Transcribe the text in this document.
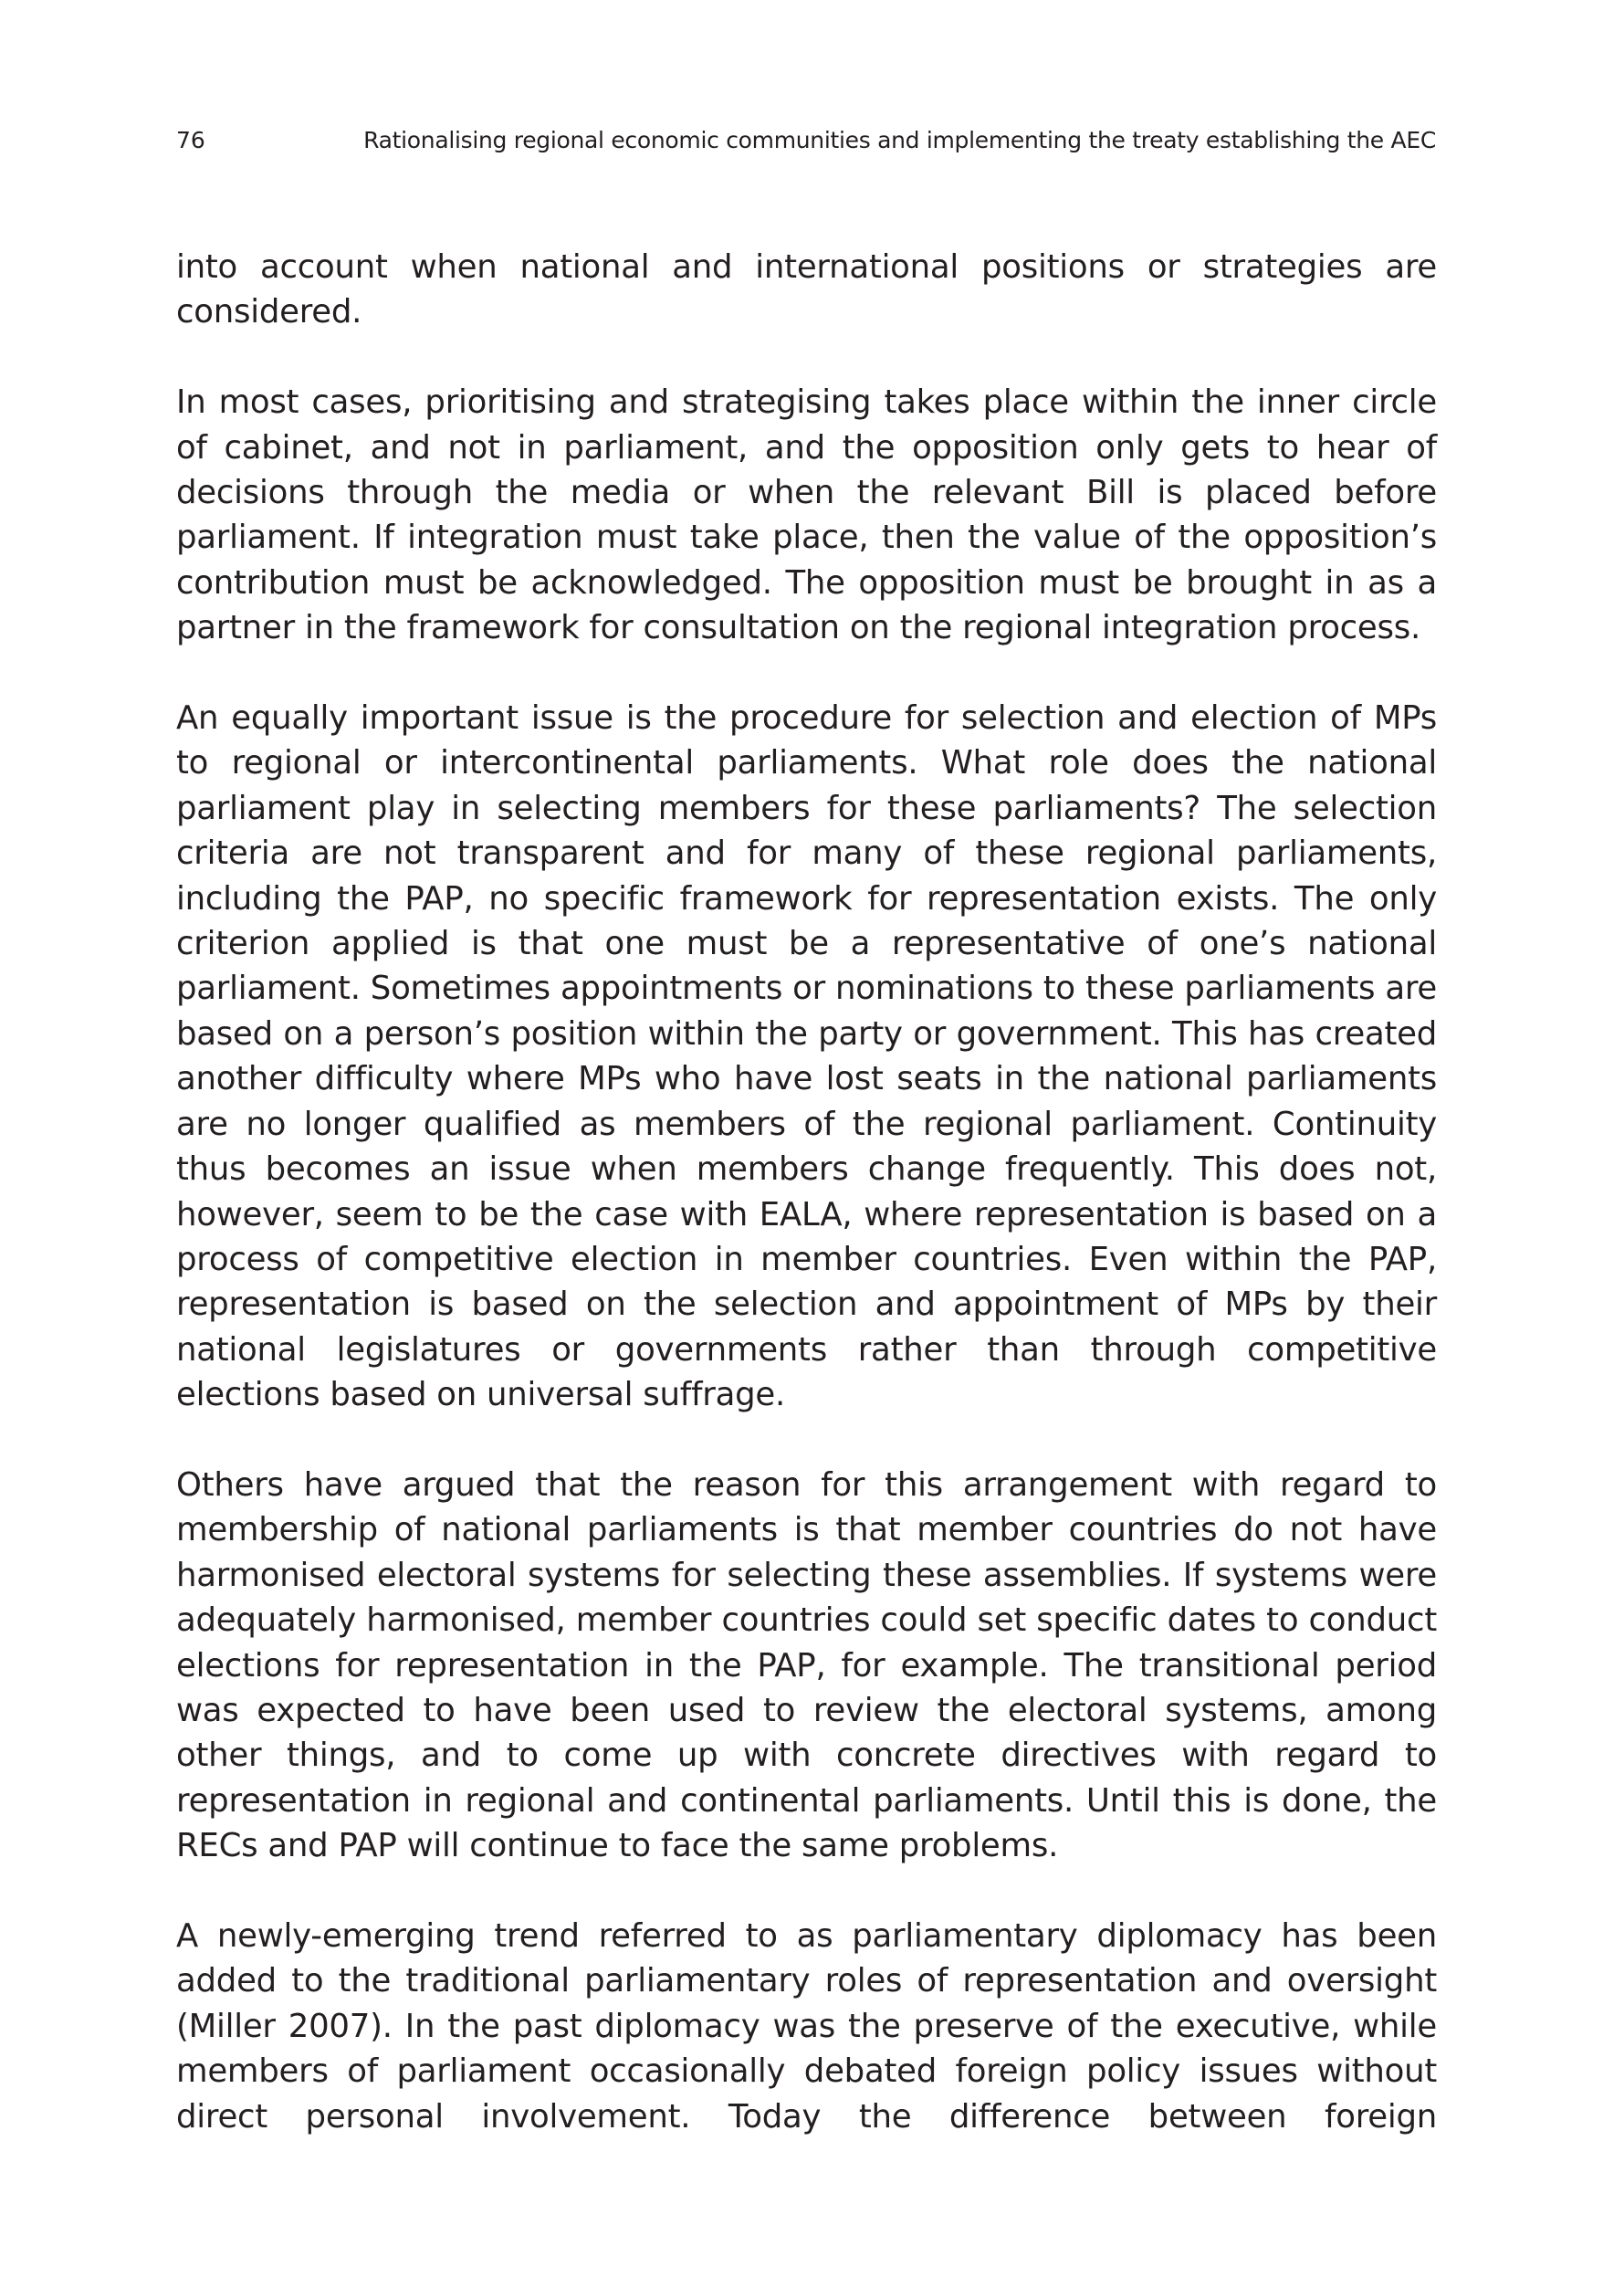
76	Rationalising regional economic communities and implementing the treaty establishing the AEC

into account when national and international positions or strategies are considered.

In most cases, prioritising and strategising takes place within the inner circle of cabinet, and not in parliament, and the opposition only gets to hear of decisions through the media or when the relevant Bill is placed before parliament. If integration must take place, then the value of the opposition’s contribution must be acknowledged. The opposition must be brought in as a partner in the framework for consultation on the regional integration process.

An equally important issue is the procedure for selection and election of MPs to regional or intercontinental parliaments. What role does the national parliament play in selecting members for these parliaments? The selection criteria are not transparent and for many of these regional parliaments, including the PAP, no specific framework for representation exists. The only criterion applied is that one must be a representative of one’s national parliament. Sometimes appointments or nominations to these parliaments are based on a person’s position within the party or government. This has created another difficulty where MPs who have lost seats in the national parliaments are no longer qualified as members of the regional parliament. Continuity thus becomes an issue when members change frequently. This does not, however, seem to be the case with EALA, where representation is based on a process of competitive election in member countries. Even within the PAP, representation is based on the selection and appointment of MPs by their national legislatures or governments rather than through competitive elections based on universal suffrage.

Others have argued that the reason for this arrangement with regard to membership of national parliaments is that member countries do not have harmonised electoral systems for selecting these assemblies. If systems were adequately harmonised, member countries could set specific dates to conduct elections for representation in the PAP, for example. The transitional period was expected to have been used to review the electoral systems, among other things, and to come up with concrete directives with regard to representation in regional and continental parliaments. Until this is done, the RECs and PAP will continue to face the same problems.

A newly-emerging trend referred to as parliamentary diplomacy has been added to the traditional parliamentary roles of representation and oversight (Miller 2007). In the past diplomacy was the preserve of the executive, while members of parliament occasionally debated foreign policy issues without direct personal involvement. Today the difference between foreign
